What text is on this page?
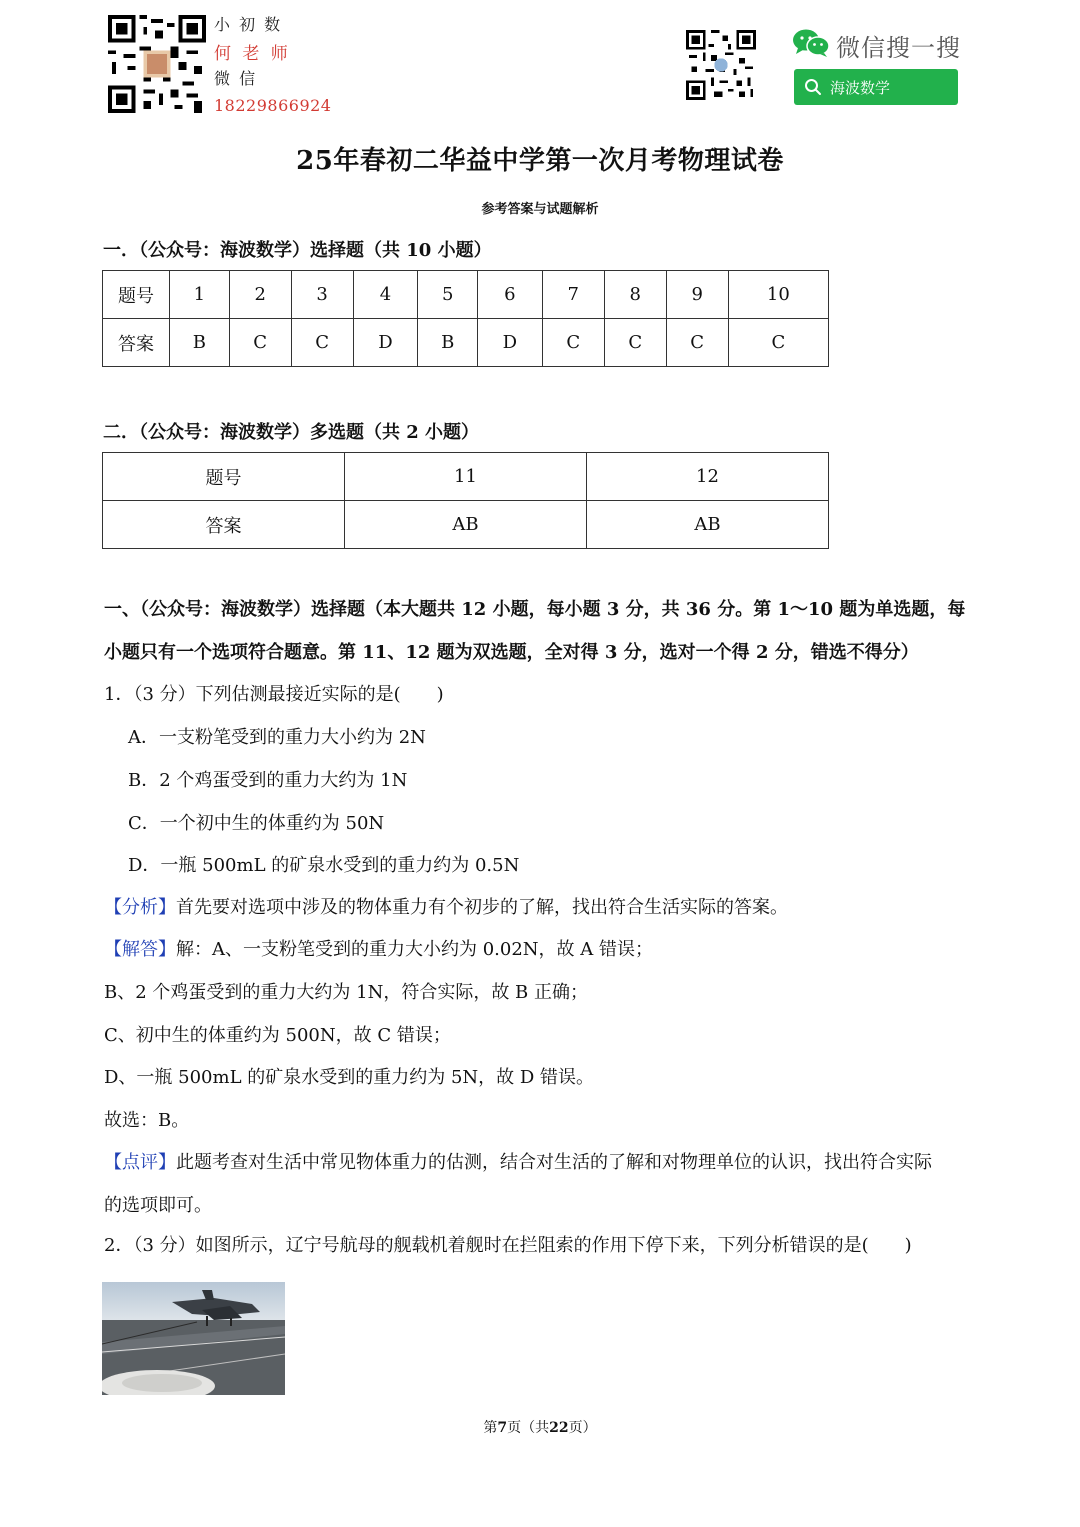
小 初 数
何 老 师
微 信
18229866924
微信搜一搜
海波数学
25年春初二华益中学第一次月考物理试卷
参考答案与试题解析
一．（公众号：海波数学）选择题（共 10 小题）
题号	1	2	3	4	5	6	7	8	9	10
答案	B	C	C	D	B	D	C	C	C	C
二．（公众号：海波数学）多选题（共 2 小题）
题号	11	12
答案	AB	AB
一、（公众号：海波数学）选择题（本大题共 12 小题，每小题 3 分，共 36 分。第 1～10 题为单选题，每
小题只有一个选项符合题意。第 11、12 题为双选题，全对得 3 分，选对一个得 2 分，错选不得分）
1．（3 分）下列估测最接近实际的是(　　)
A．一支粉笔受到的重力大小约为 2N
B．2 个鸡蛋受到的重力大约为 1N
C．一个初中生的体重约为 50N
D．一瓶 500mL 的矿泉水受到的重力约为 0.5N
【分析】首先要对选项中涉及的物体重力有个初步的了解，找出符合生活实际的答案。
【解答】解：A、一支粉笔受到的重力大小约为 0.02N，故 A 错误；
B、2 个鸡蛋受到的重力大约为 1N，符合实际，故 B 正确；
C、初中生的体重约为 500N，故 C 错误；
D、一瓶 500mL 的矿泉水受到的重力约为 5N，故 D 错误。
故选：B。
【点评】此题考查对生活中常见物体重力的估测，结合对生活的了解和对物理单位的认识，找出符合实际
的选项即可。
2．（3 分）如图所示，辽宁号航母的舰载机着舰时在拦阻索的作用下停下来，下列分析错误的是(　　)
第7页（共22页）
